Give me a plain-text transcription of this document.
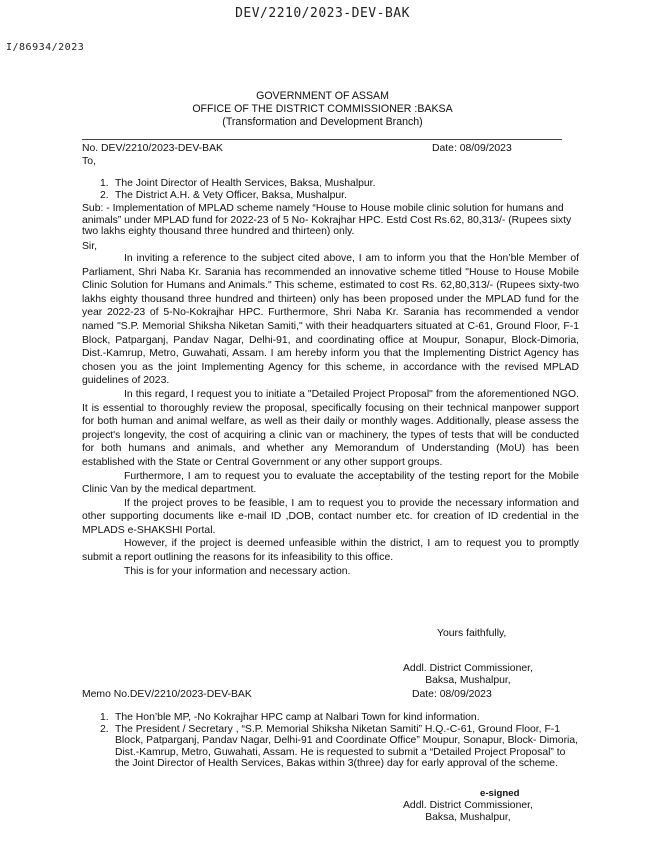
DEV/2210/2023-DEV-BAK
I/86934/2023
GOVERNMENT OF ASSAM
OFFICE OF THE DISTRICT COMMISSIONER :BAKSA
(Transformation and Development Branch)
No. DEV/2210/2023-DEV-BAK	Date: 08/09/2023
To,
1. The Joint Director of Health Services, Baksa, Mushalpur.
2. The District A.H. & Vety Officer, Baksa, Mushalpur.
Sub: - Implementation of MPLAD scheme namely “House to House mobile clinic solution for humans and animals” under MPLAD fund for 2022-23 of 5 No- Kokrajhar HPC. Estd Cost Rs.62, 80,313/- (Rupees sixty two lakhs eighty thousand three hundred and thirteen) only.
Sir,

In inviting a reference to the subject cited above, I am to inform you that the Hon’ble Member of Parliament, Shri Naba Kr. Sarania has recommended an innovative scheme titled "House to House Mobile Clinic Solution for Humans and Animals." This scheme, estimated to cost Rs. 62,80,313/- (Rupees sixty-two lakhs eighty thousand three hundred and thirteen) only has been proposed under the MPLAD fund for the year 2022-23 of 5-No-Kokrajhar HPC. Furthermore, Shri Naba Kr. Sarania has recommended a vendor named "S.P. Memorial Shiksha Niketan Samiti," with their headquarters situated at C-61, Ground Floor, F-1 Block, Patparganj, Pandav Nagar, Delhi-91, and coordinating office at Moupur, Sonapur, Block-Dimoria, Dist.-Kamrup, Metro, Guwahati, Assam. I am hereby inform you that the Implementing District Agency has chosen you as the joint Implementing Agency for this scheme, in accordance with the revised MPLAD guidelines of 2023.

In this regard, I request you to initiate a "Detailed Project Proposal" from the aforementioned NGO. It is essential to thoroughly review the proposal, specifically focusing on their technical manpower support for both human and animal welfare, as well as their daily or monthly wages. Additionally, please assess the project's longevity, the cost of acquiring a clinic van or machinery, the types of tests that will be conducted for both humans and animals, and whether any Memorandum of Understanding (MoU) has been established with the State or Central Government or any other support groups.

Furthermore, I am to request you to evaluate the acceptability of the testing report for the Mobile Clinic Van by the medical department.

If the project proves to be feasible, I am to request you to provide the necessary information and other supporting documents like e-mail ID ,DOB, contact number etc. for creation of ID credential in the MPLADS e-SHAKSHI Portal.

However, if the project is deemed unfeasible within the district, I am to request you to promptly submit a report outlining the reasons for its infeasibility to this office.

This is for your information and necessary action.

Yours faithfully,
Addl. District Commissioner,
Baksa, Mushalpur,
Memo No.DEV/2210/2023-DEV-BAK	Date: 08/09/2023
1. The Hon’ble MP, -No Kokrajhar HPC camp at Nalbari Town for kind information.
2. The President / Secretary , “S.P. Memorial Shiksha Niketan Samiti” H.Q.-C-61, Ground Floor, F-1 Block, Patparganj, Pandav Nagar, Delhi-91 and Coordinate Office” Moupur, Sonapur, Block- Dimoria, Dist.-Kamrup, Metro, Guwahati, Assam. He is requested to submit a “Detailed Project Proposal” to the Joint Director of Health Services, Bakas within 3(three) day for early approval of the scheme.
e-signed
Addl. District Commissioner,
Baksa, Mushalpur,
